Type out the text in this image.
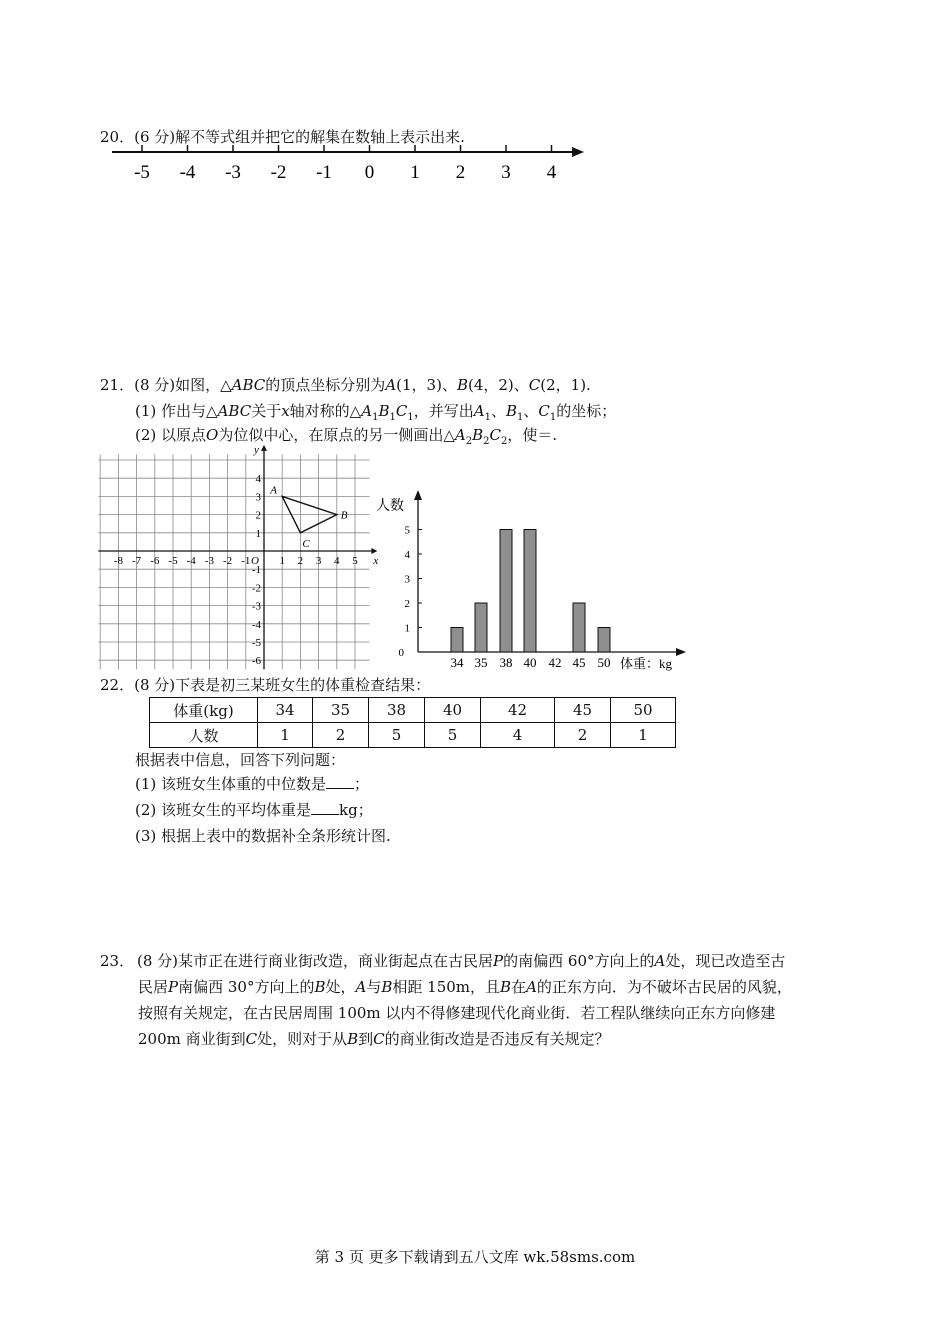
20．(6 分)解不等式组并把它的解集在数轴上表示出来.
-5 -4 -3 -2 -1 0 1 2 3 4
21．(8 分)如图，△ABC的顶点坐标分别为A(1，3)、B(4，2)、C(2，1).
(1) 作出与△ABC关于x轴对称的$\triangle A_1B_1C_1$，并写出$A_1$、$B_1$、$C_1$的坐标；
(2) 以原点O为位似中心，在原点的另一侧画出$\triangle A_2B_2C_2$，使＝.
x
y
O
-8 -7 -6 -5 -4 -3 -2 -1	1 2 3 4 5
4
3
2
1
-1
-2
-3
-4
-5
-6
A
B
C
人数
体重：kg
0
1
2
3
4
5
34 35 38 40 42 45 50
22．(8 分)下表是初三某班女生的体重检查结果：
体重(kg)	34	35	38	40	42	45	50
人数	1	2	5	5	4	2	1
根据表中信息，回答下列问题：
(1) 该班女生体重的中位数是 ；
(2) 该班女生的平均体重是 kg；
(3) 根据上表中的数据补全条形统计图.
23． (8 分)某市正在进行商业街改造，商业街起点在古民居P的南偏西 60°方向上的A处，现已改造至古民居P南偏西 30°方向上的B处，A与B相距 150m，且B在A的正东方向．为不破坏古民居的风貌，按照有关规定，在古民居周围 100m 以内不得修建现代化商业街．若工程队继续向正东方向修建 200m 商业街到C处，则对于从B到C的商业街改造是否违反有关规定？
第 3 页 更多下载请到五八文库 wk.58sms.com
